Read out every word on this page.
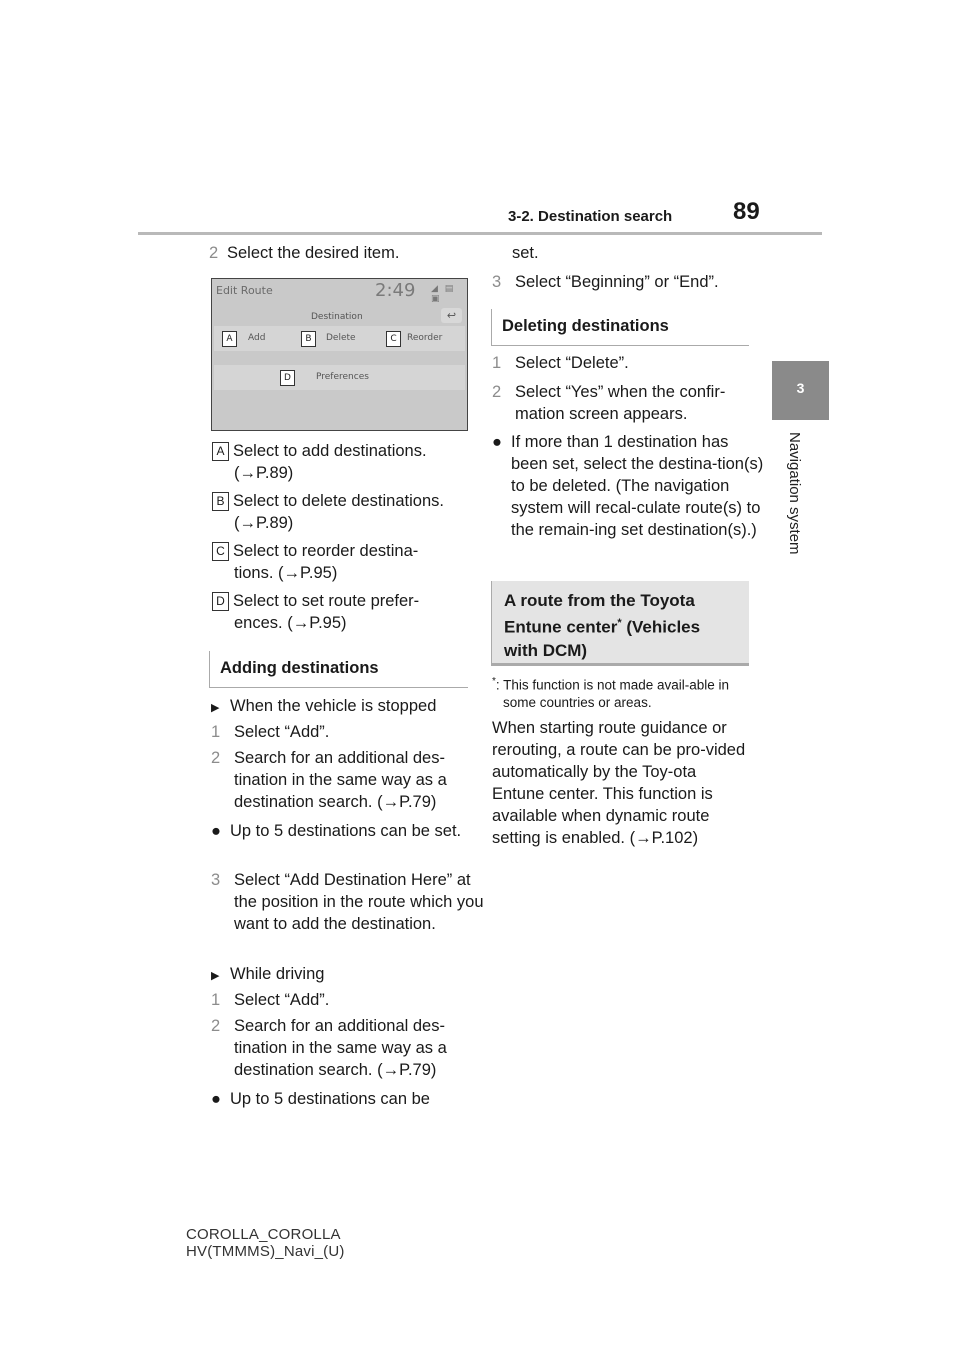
3-2. Destination search	89
3
Navigation system
2 Select the desired item.
Edit Route	2:49 ◢ ▤ ▣
Destination	↩
A	Add	B	Delete	C	Reorder
D	Preferences
A Select to add destinations. (→P.89)
B Select to delete destinations. (→P.89)
C Select to reorder destina-tions. (→P.95)
D Select to set route prefer-ences. (→P.95)
Adding destinations
▶ When the vehicle is stopped
1 Select “Add”.
2 Search for an additional des-tination in the same way as a destination search. (→P.79)
● Up to 5 destinations can be set.
3 Select “Add Destination Here” at the position in the route which you want to add the destination.
▶ While driving
1 Select “Add”.
2 Search for an additional des-tination in the same way as a destination search. (→P.79)
● Up to 5 destinations can be
set.
3 Select “Beginning” or “End”.
Deleting destinations
1 Select “Delete”.
2 Select “Yes” when the confir-mation screen appears.
● If more than 1 destination has been set, select the destina-tion(s) to be deleted. (The navigation system will recal-culate route(s) to the remain-ing set destination(s).)
A route from the Toyota Entune center* (Vehicles with DCM)
*: This function is not made avail-able in some countries or areas.
When starting route guidance or rerouting, a route can be pro-vided automatically by the Toy-ota Entune center. This function is available when dynamic route setting is enabled. (→P.102)
COROLLA_COROLLA
HV(TMMMS)_Navi_(U)
